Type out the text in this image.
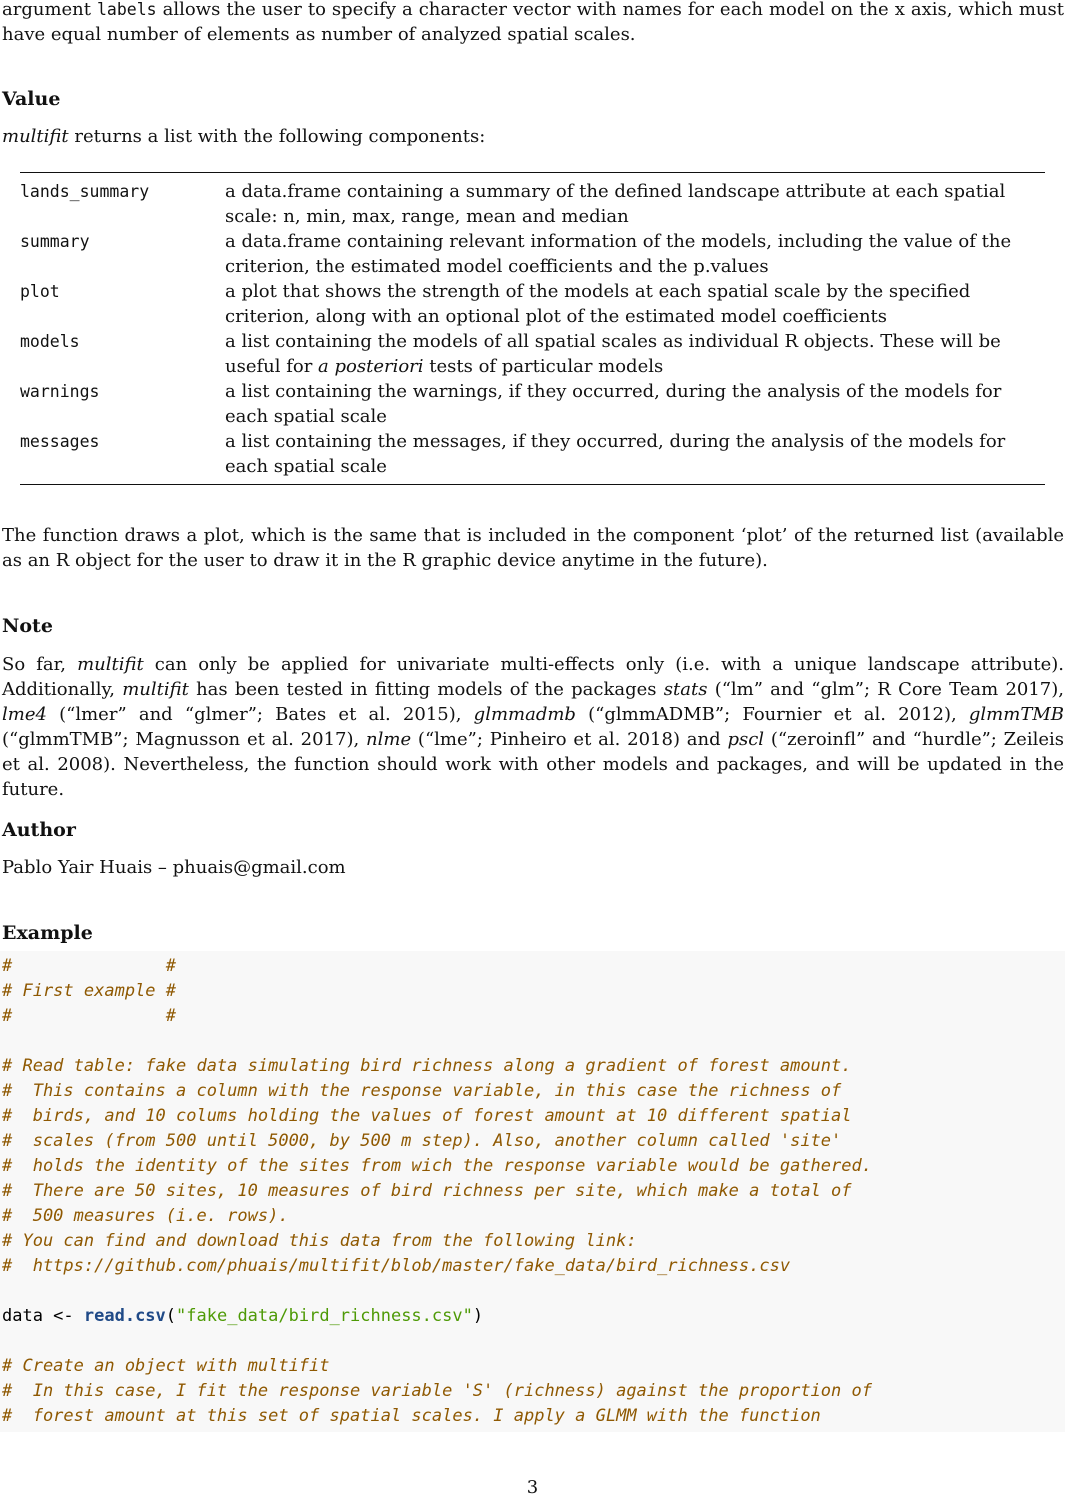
argument labels allows the user to specify a character vector with names for each model on the x axis, which must have equal number of elements as number of analyzed spatial scales.

Value

multifit returns a list with the following components:

lands_summary	a data.frame containing a summary of the defined landscape attribute at each spatial scale: n, min, max, range, mean and median
summary	a data.frame containing relevant information of the models, including the value of the criterion, the estimated model coefficients and the p.values
plot	a plot that shows the strength of the models at each spatial scale by the specified criterion, along with an optional plot of the estimated model coefficients
models	a list containing the models of all spatial scales as individual R objects. These will be useful for a posteriori tests of particular models
warnings	a list containing the warnings, if they occurred, during the analysis of the models for each spatial scale
messages	a list containing the messages, if they occurred, during the analysis of the models for each spatial scale

The function draws a plot, which is the same that is included in the component ‘plot’ of the returned list (available as an R object for the user to draw it in the R graphic device anytime in the future).

Note

So far, multifit can only be applied for univariate multi-effects only (i.e. with a unique landscape attribute). Additionally, multifit has been tested in fitting models of the packages stats (“lm” and “glm”; R Core Team 2017), lme4 (“lmer” and “glmer”; Bates et al. 2015), glmmadmb (“glmmADMB”; Fournier et al. 2012), glmmTMB (“glmmTMB”; Magnusson et al. 2017), nlme (“lme”; Pinheiro et al. 2018) and pscl (“zeroinfl” and “hurdle”; Zeileis et al. 2008). Nevertheless, the function should work with other models and packages, and will be updated in the future.

Author

Pablo Yair Huais – phuais@gmail.com

Example
#               #
# First example #
#               #

# Read table: fake data simulating bird richness along a gradient of forest amount.
#  This contains a column with the response variable, in this case the richness of
#  birds, and 10 colums holding the values of forest amount at 10 different spatial
#  scales (from 500 until 5000, by 500 m step). Also, another column called 'site'
#  holds the identity of the sites from wich the response variable would be gathered.
#  There are 50 sites, 10 measures of bird richness per site, which make a total of
#  500 measures (i.e. rows).
# You can find and download this data from the following link:
#  https://github.com/phuais/multifit/blob/master/fake_data/bird_richness.csv

data <- read.csv("fake_data/bird_richness.csv")

# Create an object with multifit
#  In this case, I fit the response variable 'S' (richness) against the proportion of
#  forest amount at this set of spatial scales. I apply a GLMM with the function
3
